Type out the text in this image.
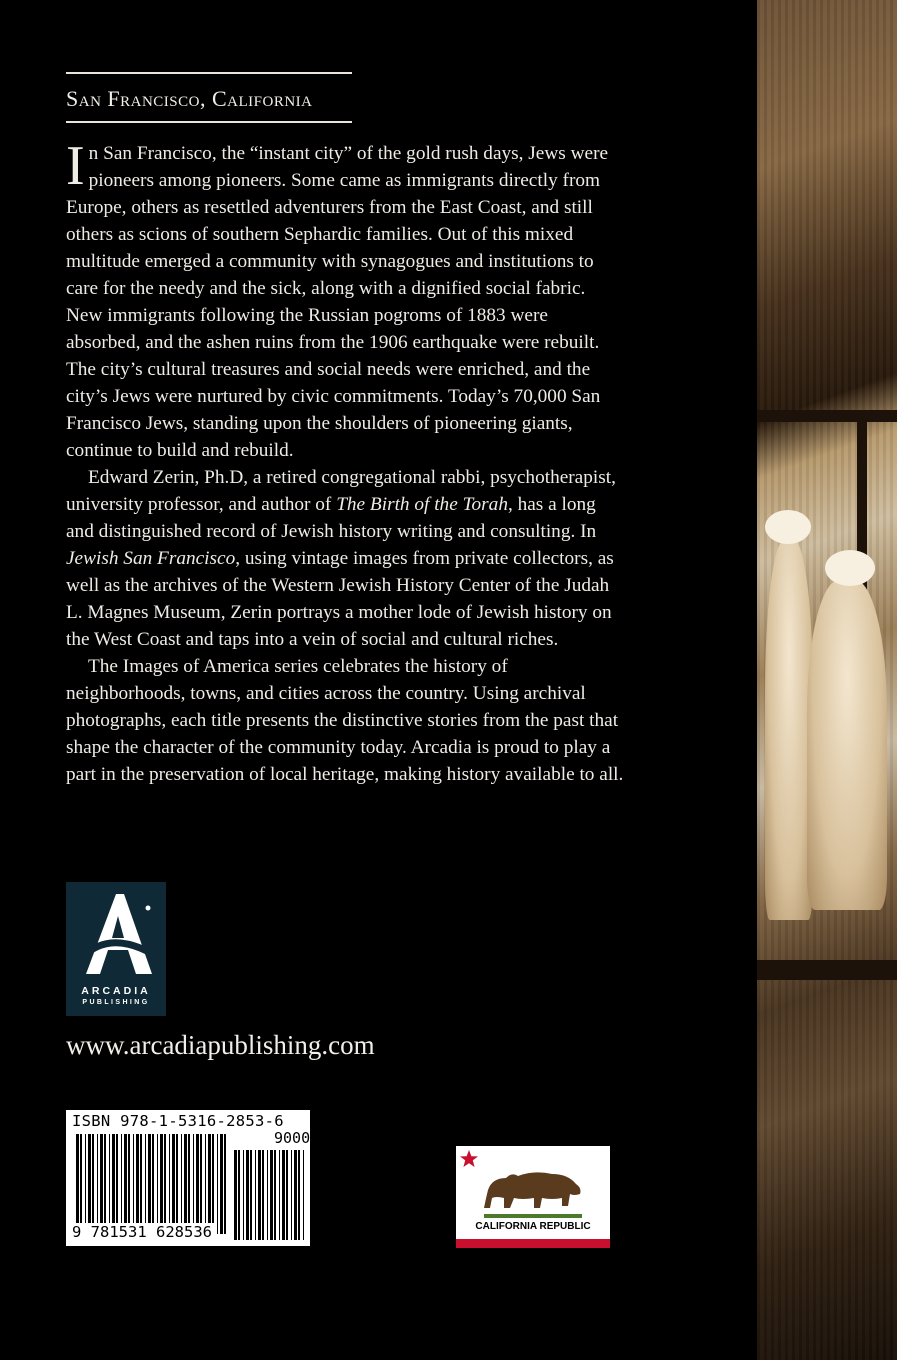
San Francisco, California

In San Francisco, the “instant city” of the gold rush days, Jews were pioneers among pioneers. Some came as immigrants directly from Europe, others as resettled adventurers from the East Coast, and still others as scions of southern Sephardic families. Out of this mixed multitude emerged a community with synagogues and institutions to care for the needy and the sick, along with a dignified social fabric. New immigrants following the Russian pogroms of 1883 were absorbed, and the ashen ruins from the 1906 earthquake were rebuilt. The city’s cultural treasures and social needs were enriched, and the city’s Jews were nurtured by civic commitments. Today’s 70,000 San Francisco Jews, standing upon the shoulders of pioneering giants, continue to build and rebuild.

Edward Zerin, Ph.D, a retired congregational rabbi, psychotherapist, university professor, and author of The Birth of the Torah, has a long and distinguished record of Jewish history writing and consulting. In Jewish San Francisco, using vintage images from private collectors, as well as the archives of the Western Jewish History Center of the Judah L. Magnes Museum, Zerin portrays a mother lode of Jewish history on the West Coast and taps into a vein of social and cultural riches.

The Images of America series celebrates the history of neighborhoods, towns, and cities across the country. Using archival photographs, each title presents the distinctive stories from the past that shape the character of the community today. Arcadia is proud to play a part in the preservation of local heritage, making history available to all.

ARCADIA
PUBLISHING
www.arcadiapublishing.com
ISBN 978-1-5316-2853-6
90000
9 781531 628536	CALIFORNIA REPUBLIC
